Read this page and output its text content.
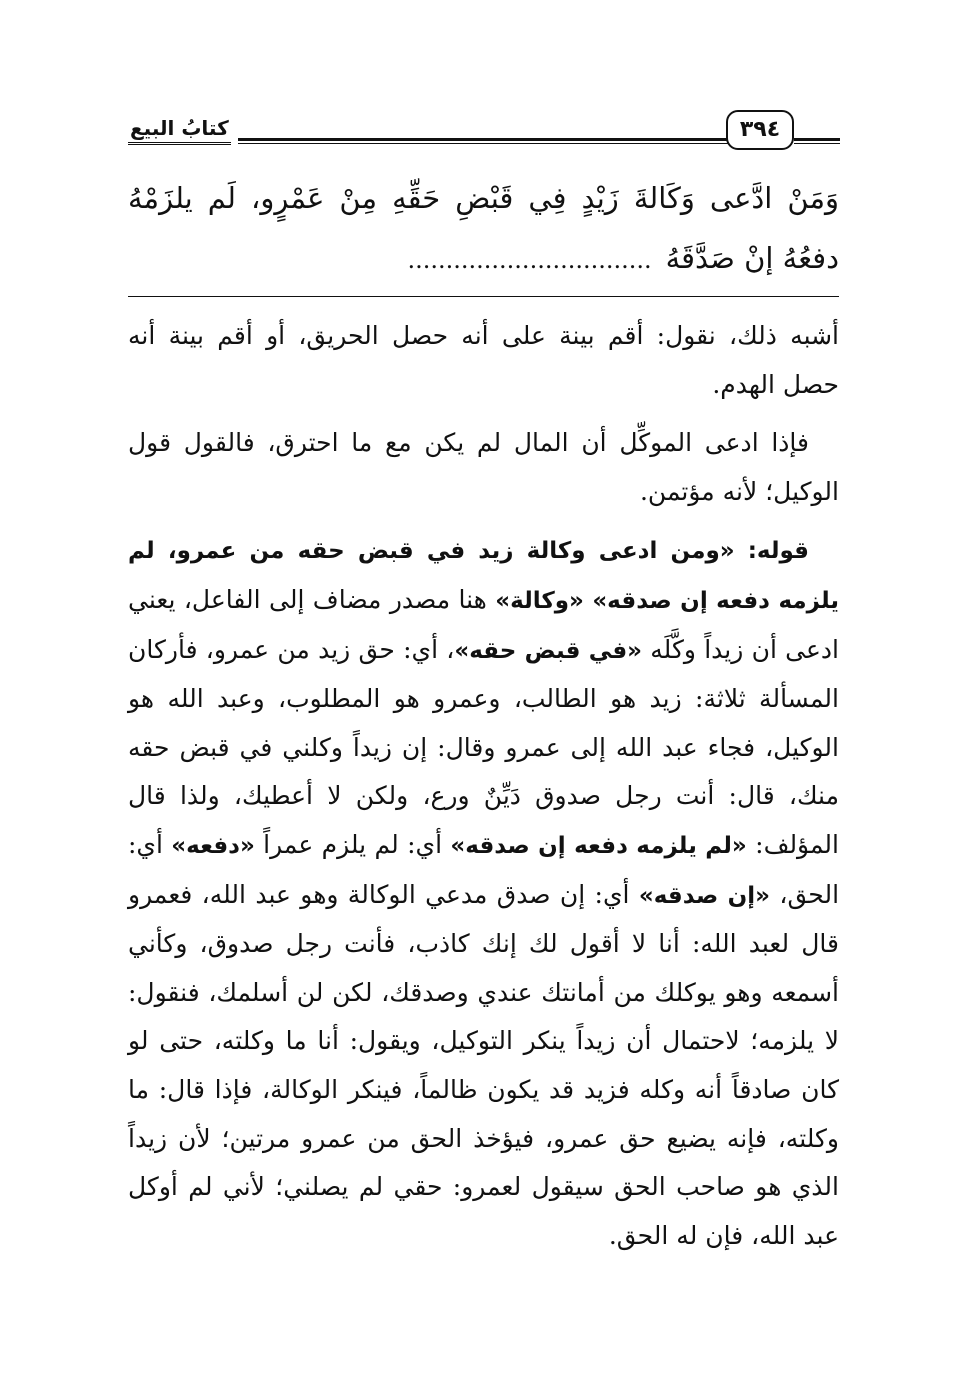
كتابُ البيع	٣٩٤
وَمَنْ ادَّعى وَكَالةَ زَيْدٍ فِي قَبْضِ حَقِّهِ مِنْ عَمْرٍو، لَم يلزَمْهُ
دفعُهُ إنْ صَدَّقَهُ................................

أشبه ذلك، نقول: أقم بينة على أنه حصل الحريق، أو أقم بينة أنه حصل الهدم.

فإذا ادعى الموكِّل أن المال لم يكن مع ما احترق، فالقول قول الوكيل؛ لأنه مؤتمن.

قوله: «ومن ادعى وكالة زيد في قبض حقه من عمرو، لم يلزمه دفعه إن صدقه» «وكالة» هنا مصدر مضاف إلى الفاعل، يعني ادعى أن زيداً وكَّلَه «في قبض حقه»، أي: حق زيد من عمرو، فأركان المسألة ثلاثة: زيد هو الطالب، وعمرو هو المطلوب، وعبد الله هو الوكيل، فجاء عبد الله إلى عمرو وقال: إن زيداً وكلني في قبض حقه منك، قال: أنت رجل صدوق دَيِّنٌ ورع، ولكن لا أعطيك، ولذا قال المؤلف: «لم يلزمه دفعه إن صدقه» أي: لم يلزم عمراً «دفعه» أي: الحق، «إن صدقه» أي: إن صدق مدعي الوكالة وهو عبد الله، فعمرو قال لعبد الله: أنا لا أقول لك إنك كاذب، فأنت رجل صدوق، وكأني أسمعه وهو يوكلك من أمانتك عندي وصدقك، لكن لن أسلمك، فنقول: لا يلزمه؛ لاحتمال أن زيداً ينكر التوكيل، ويقول: أنا ما وكلته، حتى لو كان صادقاً أنه وكله فزيد قد يكون ظالماً، فينكر الوكالة، فإذا قال: ما وكلته، فإنه يضيع حق عمرو، فيؤخذ الحق من عمرو مرتين؛ لأن زيداً الذي هو صاحب الحق سيقول لعمرو: حقي لم يصلني؛ لأني لم أوكل عبد الله، فإن له الحق.
